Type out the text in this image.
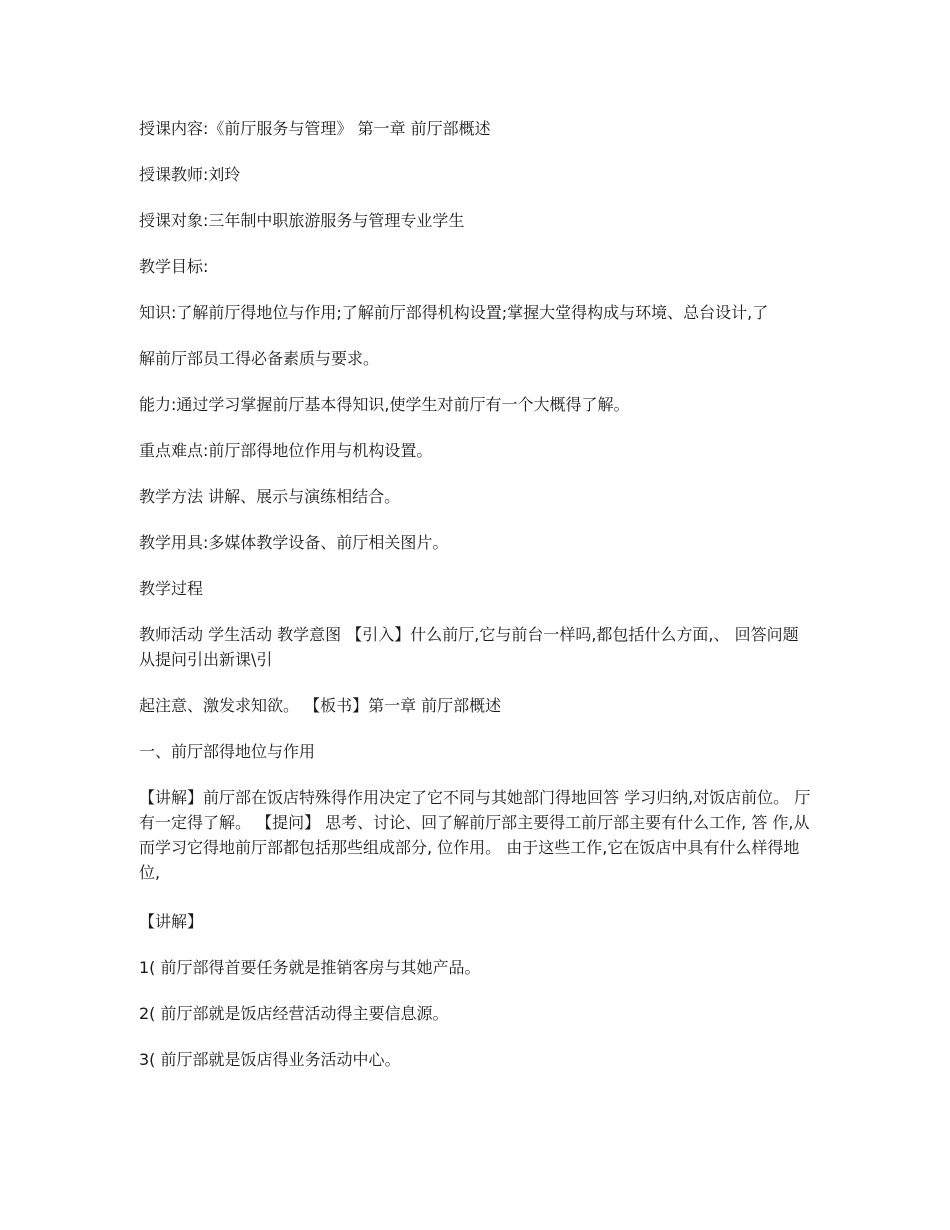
授课内容:《前厅服务与管理》 第一章 前厅部概述

授课教师:刘玲

授课对象:三年制中职旅游服务与管理专业学生

教学目标:

知识:了解前厅得地位与作用;了解前厅部得机构设置;掌握大堂得构成与环境、总台设计,了

解前厅部员工得必备素质与要求。

能力:通过学习掌握前厅基本得知识,使学生对前厅有一个大概得了解。

重点难点:前厅部得地位作用与机构设置。

教学方法 讲解、展示与演练相结合。

教学用具:多媒体教学设备、前厅相关图片。

教学过程

教师活动 学生活动 教学意图 【引入】什么前厅,它与前台一样吗,都包括什么方面,、 回答问题 从提问引出新课\引

起注意、激发求知欲。 【板书】第一章 前厅部概述

一、前厅部得地位与作用

【讲解】前厅部在饭店特殊得作用决定了它不同与其她部门得地回答 学习归纳,对饭店前位。 厅有一定得了解。 【提问】 思考、讨论、回了解前厅部主要得工前厅部主要有什么工作, 答 作,从而学习它得地前厅部都包括那些组成部分, 位作用。 由于这些工作,它在饭店中具有什么样得地位,

【讲解】

1( 前厅部得首要任务就是推销客房与其她产品。

2( 前厅部就是饭店经营活动得主要信息源。

3( 前厅部就是饭店得业务活动中心。
